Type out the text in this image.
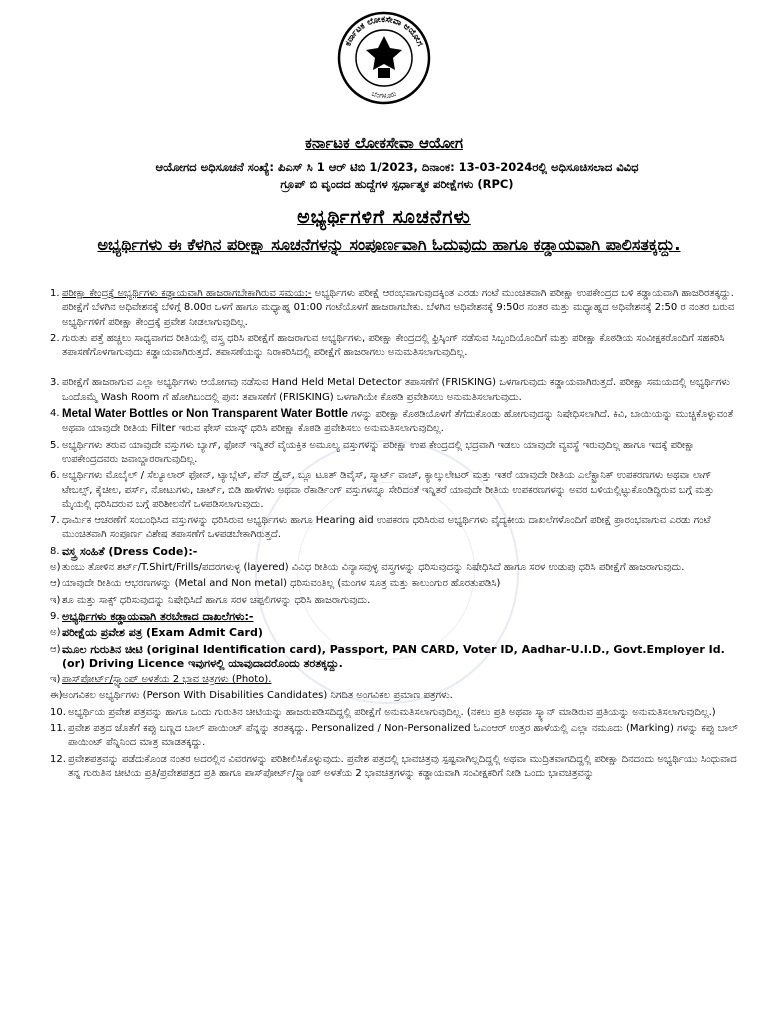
ಕರ್ನಾಟಕ ಲೋಕಸೇವಾ ಆಯೋಗ
ಬೆಂಗಳೂರು
ಕರ್ನಾಟಕ ಲೋಕಸೇವಾ ಆಯೋಗ
ಆಯೋಗದ ಅಧಿಸೂಚನೆ ಸಂಖ್ಯೆ: ಪಿಎಸ್ ಸಿ 1 ಆರ್ ಟಿಬಿ 1/2023, ದಿನಾಂಕ: 13-03-2024ರಲ್ಲಿ ಅಧಿಸೂಚಿಸಲಾದ ವಿವಿಧ
ಗ್ರೂಪ್ ಬಿ ವೃಂದದ ಹುದ್ದೆಗಳ ಸ್ಪರ್ಧಾತ್ಮಕ ಪರೀಕ್ಷೆಗಳು (RPC)
ಅಭ್ಯರ್ಥಿಗಳಿಗೆ ಸೂಚನೆಗಳು
ಅಭ್ಯರ್ಥಿಗಳು ಈ ಕೆಳಗಿನ ಪರೀಕ್ಷಾ ಸೂಚನೆಗಳನ್ನು ಸಂಪೂರ್ಣವಾಗಿ ಓದುವುದು ಹಾಗೂ ಕಡ್ಡಾಯವಾಗಿ ಪಾಲಿಸತಕ್ಕದ್ದು.
1. ಪರೀಕ್ಷಾ ಕೇಂದ್ರಕ್ಕೆ ಅಭ್ಯರ್ಥಿಗಳು ಕಡ್ಡಾಯವಾಗಿ ಹಾಜರಾಗಬೇಕಾಗಿರುವ ಸಮಯ:- ಅಭ್ಯರ್ಥಿಗಳು ಪರೀಕ್ಷೆ ಆರಂಭವಾಗುವುದಕ್ಕಿಂತ ಎರಡು ಗಂಟೆ ಮುಂಚಿತವಾಗಿ ಪರೀಕ್ಷಾ ಉಪಕೇಂದ್ರದ ಬಳಿ ಕಡ್ಡಾಯವಾಗಿ ಹಾಜರಿರತಕ್ಕದ್ದು. ಪರೀಕ್ಷೆಗೆ ಬೆಳಗಿನ ಅಧಿವೇಶನಕ್ಕೆ ಬೆಳಿಗ್ಗೆ 8.00ರ ಒಳಗೆ ಹಾಗೂ ಮಧ್ಯಾಹ್ನ 01:00 ಗಂಟೆಯೊಳಗೆ ಹಾಜರಾಗಬೇಕು. ಬೆಳಗಿನ ಅಧಿವೇಶನಕ್ಕೆ 9:50ರ ನಂತರ ಮತ್ತು ಮಧ್ಯಾಹ್ನದ ಅಧಿವೇಶನಕ್ಕೆ 2:50 ರ ನಂತರ ಬರುವ ಅಭ್ಯರ್ಥಿಗಳಿಗೆ ಪರೀಕ್ಷಾ ಕೇಂದ್ರಕ್ಕೆ ಪ್ರವೇಶ ನೀಡಲಾಗುವುದಿಲ್ಲ.
2. ಗುರುತು ಪತ್ತೆ ಹಚ್ಚಲು ಸಾಧ್ಯವಾಗದ ರೀತಿಯಲ್ಲಿ ವಸ್ತ್ರ ಧರಿಸಿ ಪರೀಕ್ಷೆಗೆ ಹಾಜರಾಗುವ ಅಭ್ಯರ್ಥಿಗಳು, ಪರೀಕ್ಷಾ ಕೇಂದ್ರದಲ್ಲಿ ಫ್ರಿಸ್ಕಿಂಗ್ ನಡೆಸುವ ಸಿಬ್ಬಂದಿಯೊಂದಿಗೆ ಮತ್ತು ಪರೀಕ್ಷಾ ಕೊಠಡಿಯ ಸಂವೀಕ್ಷಕರೊಂದಿಗೆ ಸಹಕರಿಸಿ ತಪಾಸಣೆಗೊಳಗಾಗುವುದು ಕಡ್ಡಾಯವಾಗಿರುತ್ತದೆ. ತಪಾಸಣೆಯನ್ನು ನಿರಾಕರಿಸಿದಲ್ಲಿ ಪರೀಕ್ಷೆಗೆ ಹಾಜರಾಗಲು ಅನುಮತಿಸಲಾಗುವುದಿಲ್ಲ.
3. ಪರೀಕ್ಷೆಗೆ ಹಾಜರಾಗುವ ಎಲ್ಲಾ ಅಭ್ಯರ್ಥಿಗಳು ಆಯೋಗವು ನಡೆಸುವ Hand Held Metal Detector ತಪಾಸಣೆಗೆ (FRISKING) ಒಳಗಾಗುವುದು ಕಡ್ಡಾಯವಾಗಿರುತ್ತದೆ. ಪರೀಕ್ಷಾ ಸಮಯದಲ್ಲಿ ಅಭ್ಯರ್ಥಿಗಳು ಒಂದೊಮ್ಮೆ Wash Room ಗೆ ಹೋಗಿಬಂದಲ್ಲಿ ಪುನ: ತಪಾಸಣೆಗೆ (FRISKING) ಒಳಗಾಗಿಯೇ ಕೊಠಡಿ ಪ್ರವೇಶಿಸಲು ಅನುಮತಿಸಲಾಗುವುದು.
4. Metal Water Bottles or Non Transparent Water Bottle ಗಳನ್ನು ಪರೀಕ್ಷಾ ಕೊಠಡಿಯೊಳಗೆ ತೆಗೆದುಕೊಂಡು ಹೋಗುವುದನ್ನು ನಿಷೇಧಿಸಲಾಗಿದೆ. ಕಿವಿ, ಬಾಯಿಯನ್ನು ಮುಚ್ಚಿಕೊಳ್ಳುವಂತೆ ಅಥವಾ ಯಾವುದೇ ರೀತಿಯ Filter ಇರುವ ಫೇಸ್ ಮಾಸ್ಕ್ ಧರಿಸಿ ಪರೀಕ್ಷಾ ಕೊಠಡಿ ಪ್ರವೇಶಿಸಲು ಅನುಮತಿಸಲಾಗುವುದಿಲ್ಲ.
5. ಅಭ್ಯರ್ಥಿಗಳು ತರುವ ಯಾವುದೇ ವಸ್ತುಗಳು ಬ್ಯಾಗ್, ಫೋನ್ ಇನ್ನಿತರೆ ವೈಯಕ್ತಿಕ ಅಮೂಲ್ಯ ವಸ್ತುಗಳನ್ನು ಪರೀಕ್ಷಾ ಉಪ ಕೇಂದ್ರದಲ್ಲಿ ಭದ್ರವಾಗಿ ಇಡಲು ಯಾವುದೇ ವ್ಯವಸ್ಥೆ ಇರುವುದಿಲ್ಲ ಹಾಗೂ ಇದಕ್ಕೆ ಪರೀಕ್ಷಾ ಉಪಕೇಂದ್ರದವರು ಜವಾಬ್ದಾರರಾಗುವುದಿಲ್ಲ.
6. ಅಭ್ಯರ್ಥಿಗಳು ಮೊಬೈಲ್ / ಸೆಲ್ಯೂಲಾರ್ ಫೋನ್, ಟ್ಯಾಬ್ಲೆಟ್, ಪೆನ್ ಡ್ರೈವ್, ಬ್ಲೂ ಟೂತ್ ಡಿವೈಸ್, ಸ್ಮಾರ್ಟ್ ವಾಚ್, ಕ್ಯಾಲ್ಕುಲೇಟರ್ ಮತ್ತು ಇತರೆ ಯಾವುದೇ ರೀತಿಯ ಎಲೆಕ್ಟ್ರಾನಿಕ್ ಉಪಕರಣಗಳು ಅಥವಾ ಲಾಗ್ ಟೇಬಲ್ಸ್, ಕೈಚೀಲ, ಪರ್ಸ್, ನೋಟುಗಳು, ಚಾರ್ಟ್, ಬಿಡಿ ಹಾಳೆಗಳು ಅಥವಾ ರೆಕಾರ್ಡಿಂಗ್ ವಸ್ತುಗಳನ್ನೂ ಸೇರಿದಂತೆ ಇನ್ನಿತರೆ ಯಾವುದೇ ರೀತಿಯ ಉಪಕರಣಗಳನ್ನು ಅವರ ಬಳಿಯಲ್ಲಿಟ್ಟುಕೊಂಡಿದ್ದಿರುವ ಬಗ್ಗೆ ಮತ್ತು ಮೈಯಲ್ಲಿ ಧರಿಸಿದರುವ ಬಗ್ಗೆ ಪರಿಶೀಲನೆಗೆ ಒಳಪಡಿಸಲಾಗುವುದು.
7. ಧಾರ್ಮಿಕ ಆಚರಣೆಗೆ ಸಂಬಂಧಿಸಿದ ವಸ್ತುಗಳನ್ನು ಧರಿಸಿರುವ ಅಭ್ಯರ್ಥಿಗಳು ಹಾಗೂ Hearing aid ಉಪಕರಣ ಧರಿಸಿರುವ ಅಭ್ಯರ್ಥಿಗಳು ವೈದ್ಯಕೀಯ ದಾಖಲೆಗಳೊಂದಿಗೆ ಪರೀಕ್ಷೆ ಪ್ರಾರಂಭವಾಗುವ ಎರಡು ಗಂಟೆ ಮುಂಚಿತವಾಗಿ ಸಂಪೂರ್ಣ ವಿಶೇಷ ತಪಾಸಣೆಗೆ ಒಳಪಡಬೇಕಾಗಿರುತ್ತದೆ.
8. ವಸ್ತ್ರ ಸಂಹಿತೆ (Dress Code):-
ಅ) ತುಂಬು ತೋಳಿನ ಶರ್ಟ್/T.Shirt/Frills/ಪದರಗಳುಳ್ಳ (layered) ವಿವಿಧ ರೀತಿಯ ವಿನ್ಯಾಸವುಳ್ಳ ವಸ್ತ್ರಗಳನ್ನು ಧರಿಸುವುದನ್ನು ನಿಷೇಧಿಸಿದೆ ಹಾಗೂ ಸರಳ ಉಡುಪು ಧರಿಸಿ ಪರೀಕ್ಷೆಗೆ ಹಾಜರಾಗುವುದು.
ಆ) ಯಾವುದೇ ರೀತಿಯ ಆಭರಣಗಳನ್ನು (Metal and Non metal) ಧರಿಸುವಂತಿಲ್ಲ (ಮಂಗಳ ಸೂತ್ರ ಮತ್ತು ಕಾಲುಂಗುರ ಹೊರತುಪಡಿಸಿ)
ಇ) ಶೂ ಮತ್ತು ಸಾಕ್ಸ್ ಧರಿಸುವುದನ್ನು ನಿಷೇಧಿಸಿದೆ ಹಾಗೂ ಸರಳ ಚಪ್ಪಲಿಗಳನ್ನು ಧರಿಸಿ ಹಾಜರಾಗುವುದು.
9. ಅಭ್ಯರ್ಥಿಗಳು ಕಡ್ಡಾಯವಾಗಿ ತರಬೇಕಾದ ದಾಖಲೆಗಳು:-
ಅ) ಪರೀಕ್ಷೆಯ ಪ್ರವೇಶ ಪತ್ರ (Exam Admit Card)
ಆ) ಮೂಲ ಗುರುತಿನ ಚೀಟಿ (original Identification card), Passport, PAN CARD, Voter ID, Aadhar-U.I.D., Govt.Employer Id. (or) Driving Licence ಇವುಗಳಲ್ಲಿ ಯಾವುದಾದರೊಂದು ತರತಕ್ಕದ್ದು.
ಇ) ಪಾಸ್‌ಪೋರ್ಟ್/ಸ್ಟ್ಯಾಂಪ್ ಅಳತೆಯ 2 ಭಾವ ಚಿತ್ರಗಳು (Photo).
ಈ) ಅಂಗವಿಕಲ ಅಭ್ಯರ್ಥಿಗಳು (Person With Disabilities Candidates) ನಿಗದಿತ ಅಂಗವಿಕಲ ಪ್ರಮಾಣ ಪತ್ರಗಳು.
10. ಅಭ್ಯರ್ಥಿಯ ಪ್ರವೇಶ ಪತ್ರವನ್ನು ಹಾಗೂ ಒಂದು ಗುರುತಿನ ಚೀಟಿಯನ್ನು ಹಾಜರುಪಡಿಸದಿದ್ದಲ್ಲಿ ಪರೀಕ್ಷೆಗೆ ಅನುಮತಿಸಲಾಗುವುದಿಲ್ಲ. (ನಕಲು ಪ್ರತಿ ಅಥವಾ ಸ್ಕ್ಯಾನ್ ಮಾಡಿರುವ ಪ್ರತಿಯನ್ನು ಅನುಮತಿಸಲಾಗುವುದಿಲ್ಲ.)
11. ಪ್ರವೇಶ ಪತ್ರದ ಜೊತೆಗೆ ಕಪ್ಪು ಬಣ್ಣದ ಬಾಲ್ ಪಾಯಿಂಟ್ ಪೆನ್ನನ್ನು ತರತಕ್ಕದ್ದು. Personalized / Non-Personalized ಓಎಂಆರ್ ಉತ್ತರ ಹಾಳೆಯಲ್ಲಿ ಎಲ್ಲಾ ನಮೂದು (Marking) ಗಳನ್ನು ಕಪ್ಪು ಬಾಲ್ ಪಾಯಿಂಟ್ ಪೆನ್ನಿನಿಂದ ಮಾತ್ರ ಮಾಡತಕ್ಕದ್ದು.
12. ಪ್ರವೇಶಪತ್ರವನ್ನು ಪಡೆದುಕೊಂಡ ನಂತರ ಅದರಲ್ಲಿನ ವಿವರಗಳನ್ನು ಪರಿಶೀಲಿಸಿಕೊಳ್ಳುವುದು. ಪ್ರವೇಶ ಪತ್ರದಲ್ಲಿ ಭಾವಚಿತ್ರವು ಸ್ಪಷ್ಟವಾಗಿಲ್ಲದಿದ್ದಲ್ಲಿ ಅಥವಾ ಮುದ್ರಿತವಾಗದಿದ್ದಲ್ಲಿ ಪರೀಕ್ಷಾ ದಿನದಂದು ಅಭ್ಯರ್ಥಿಯು ಸಿಂಧುವಾದ ತನ್ನ ಗುರುತಿನ ಚೀಟಿಯ ಪ್ರತಿ/ಪ್ರವೇಶಪತ್ರದ ಪ್ರತಿ ಹಾಗೂ ಪಾಸ್‌ಪೋರ್ಟ್/ಸ್ಟ್ಯಾಂಪ್ ಅಳತೆಯ 2 ಭಾವಚಿತ್ರಗಳನ್ನು ಕಡ್ಡಾಯವಾಗಿ ಸಂವೀಕ್ಷಕರಿಗೆ ನೀಡಿ ಒಂದು ಭಾವಚಿತ್ರವನ್ನು
